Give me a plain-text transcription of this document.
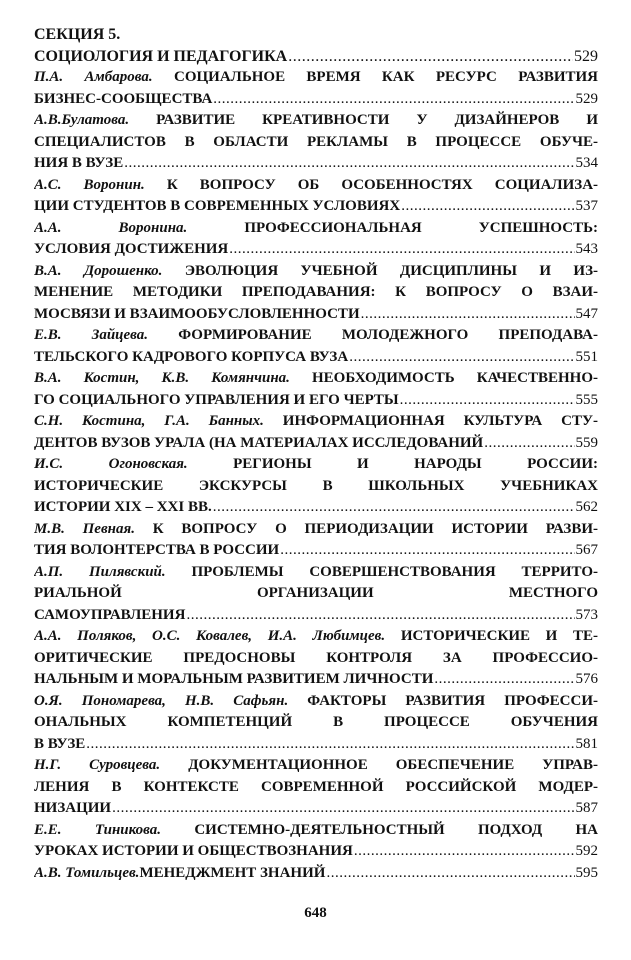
СЕКЦИЯ 5.
СОЦИОЛОГИЯ И ПЕДАГОГИКА .....	529
П.А. Амбарова. СОЦИАЛЬНОЕ ВРЕМЯ КАК РЕСУРС РАЗВИТИЯ
БИЗНЕС-СООБЩЕСТВА .....	529
А.В.Булатова. РАЗВИТИЕ КРЕАТИВНОСТИ У ДИЗАЙНЕРОВ И
СПЕЦИАЛИСТОВ В ОБЛАСТИ РЕКЛАМЫ В ПРОЦЕССЕ ОБУЧЕ-
НИЯ В ВУЗЕ .....	534
А.С. Воронин. К ВОПРОСУ ОБ ОСОБЕННОСТЯХ СОЦИАЛИЗА-
ЦИИ СТУДЕНТОВ В СОВРЕМЕННЫХ УСЛОВИЯХ .....	537
А.А. Воронина.	ПРОФЕССИОНАЛЬНАЯ УСПЕШНОСТЬ:
УСЛОВИЯ ДОСТИЖЕНИЯ .....	543
В.А. Дорошенко. ЭВОЛЮЦИЯ УЧЕБНОЙ ДИСЦИПЛИНЫ И ИЗ-
МЕНЕНИЕ МЕТОДИКИ ПРЕПОДАВАНИЯ: К ВОПРОСУ О ВЗАИ-
МОСВЯЗИ И ВЗАИМООБУСЛОВЛЕННОСТИ .....	547
Е.В. Зайцева. ФОРМИРОВАНИЕ МОЛОДЕЖНОГО ПРЕПОДАВА-
ТЕЛЬСКОГО КАДРОВОГО КОРПУСА ВУЗА .....	551
В.А. Костин, К.В. Комянчина. НЕОБХОДИМОСТЬ КАЧЕСТВЕННО-
ГО СОЦИАЛЬНОГО УПРАВЛЕНИЯ И ЕГО ЧЕРТЫ .....	555
С.Н. Костина, Г.А. Банных. ИНФОРМАЦИОННАЯ КУЛЬТУРА СТУ-
ДЕНТОВ ВУЗОВ УРАЛА (НА МАТЕРИАЛАХ ИССЛЕДОВАНИЙ .....	559
И.С. Огоновская.	РЕГИОНЫ И НАРОДЫ РОССИИ:
ИСТОРИЧЕСКИЕ ЭКСКУРСЫ В ШКОЛЬНЫХ УЧЕБНИКАХ
ИСТОРИИ XIX – XXI ВВ. .....	562
М.В. Певная. К ВОПРОСУ О ПЕРИОДИЗАЦИИ ИСТОРИИ РАЗВИ-
ТИЯ ВОЛОНТЕРСТВА В РОССИИ .....	567
А.П. Пилявский. ПРОБЛЕМЫ СОВЕРШЕНСТВОВАНИЯ ТЕРРИТО-
РИАЛЬНОЙ ОРГАНИЗАЦИИ МЕСТНОГО
САМОУПРАВЛЕНИЯ .....	573
А.А. Поляков, О.С. Ковалев, И.А. Любимцев. ИСТОРИЧЕСКИЕ И ТЕ-
ОРИТИЧЕСКИЕ ПРЕДОСНОВЫ КОНТРОЛЯ ЗА ПРОФЕССИО-
НАЛЬНЫМ И МОРАЛЬНЫМ РАЗВИТИЕМ ЛИЧНОСТИ .....	576
О.Я. Пономарева, Н.В. Сафьян. ФАКТОРЫ РАЗВИТИЯ ПРОФЕССИ-
ОНАЛЬНЫХ КОМПЕТЕНЦИЙ В ПРОЦЕССЕ ОБУЧЕНИЯ
В ВУЗЕ .....	581
Н.Г. Суровцева. ДОКУМЕНТАЦИОННОЕ ОБЕСПЕЧЕНИЕ УПРАВ-
ЛЕНИЯ В КОНТЕКСТЕ СОВРЕМЕННОЙ РОССИЙСКОЙ МОДЕР-
НИЗАЦИИ .....	587
Е.Е. Тиникова. СИСТЕМНО-ДЕЯТЕЛЬНОСТНЫЙ ПОДХОД НА
УРОКАХ ИСТОРИИ И ОБЩЕСТВОЗНАНИЯ .....	592
А.В. Томильцев. МЕНЕДЖМЕНТ ЗНАНИЙ .....	595
648
